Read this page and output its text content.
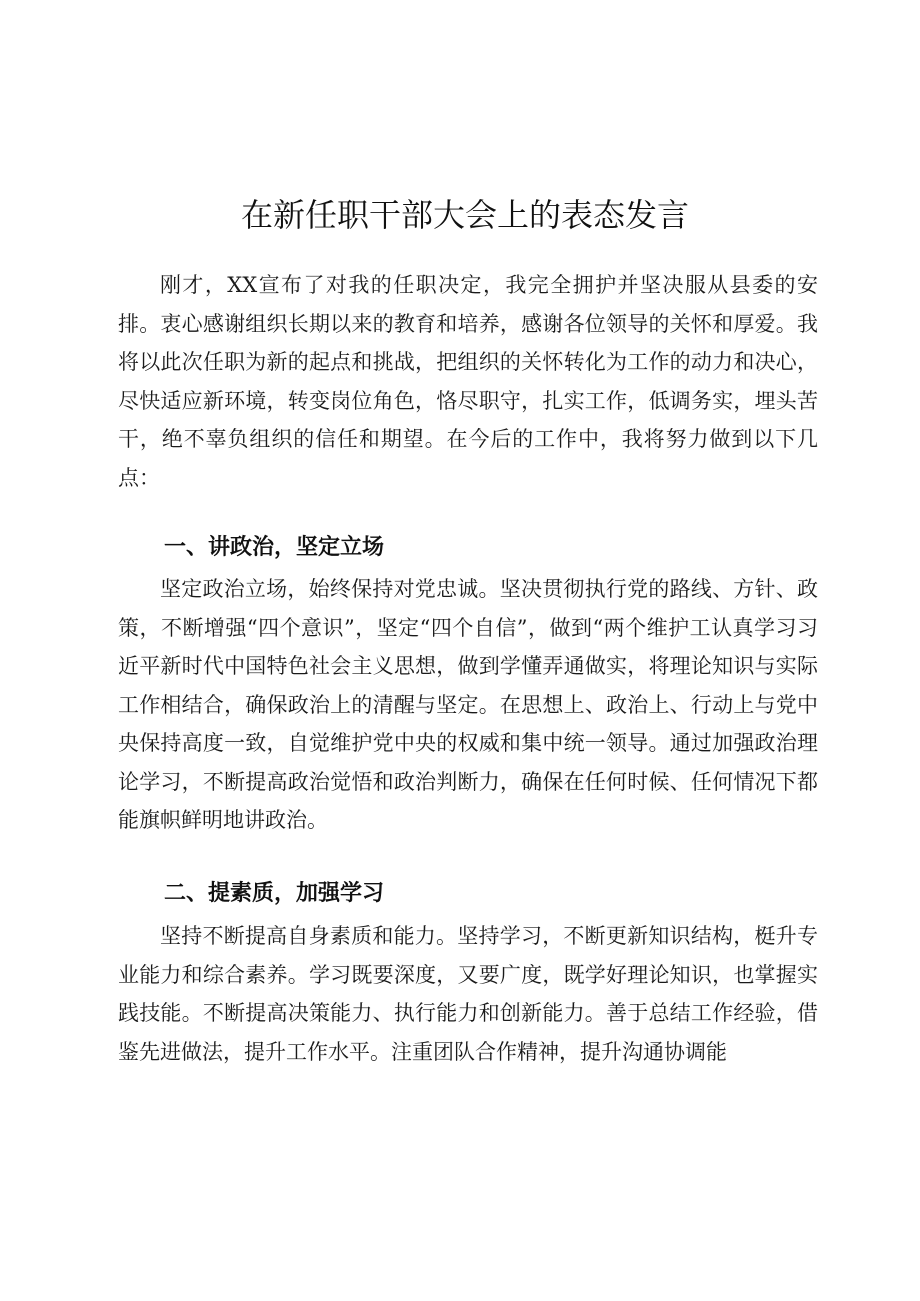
在新任职干部大会上的表态发言

刚才，XX宣布了对我的任职决定，我完全拥护并坚决服从县委的安排。衷心感谢组织长期以来的教育和培养，感谢各位领导的关怀和厚爱。我将以此次任职为新的起点和挑战，把组织的关怀转化为工作的动力和决心，尽快适应新环境，转变岗位角色，恪尽职守，扎实工作，低调务实，埋头苦干，绝不辜负组织的信任和期望。在今后的工作中，我将努力做到以下几点：

一、讲政治，坚定立场

坚定政治立场，始终保持对党忠诚。坚决贯彻执行党的路线、方针、政策，不断增强“四个意识”，坚定“四个自信”，做到“两个维护工认真学习习近平新时代中国特色社会主义思想，做到学懂弄通做实，将理论知识与实际工作相结合，确保政治上的清醒与坚定。在思想上、政治上、行动上与党中央保持高度一致，自觉维护党中央的权威和集中统一领导。通过加强政治理论学习，不断提高政治觉悟和政治判断力，确保在任何时候、任何情况下都能旗帜鲜明地讲政治。

二、提素质，加强学习

坚持不断提高自身素质和能力。坚持学习，不断更新知识结构，梃升专业能力和综合素养。学习既要深度，又要广度，既学好理论知识，也掌握实践技能。不断提高决策能力、执行能力和创新能力。善于总结工作经验，借鉴先进做法，提升工作水平。注重团队合作精神，提升沟通协调能
